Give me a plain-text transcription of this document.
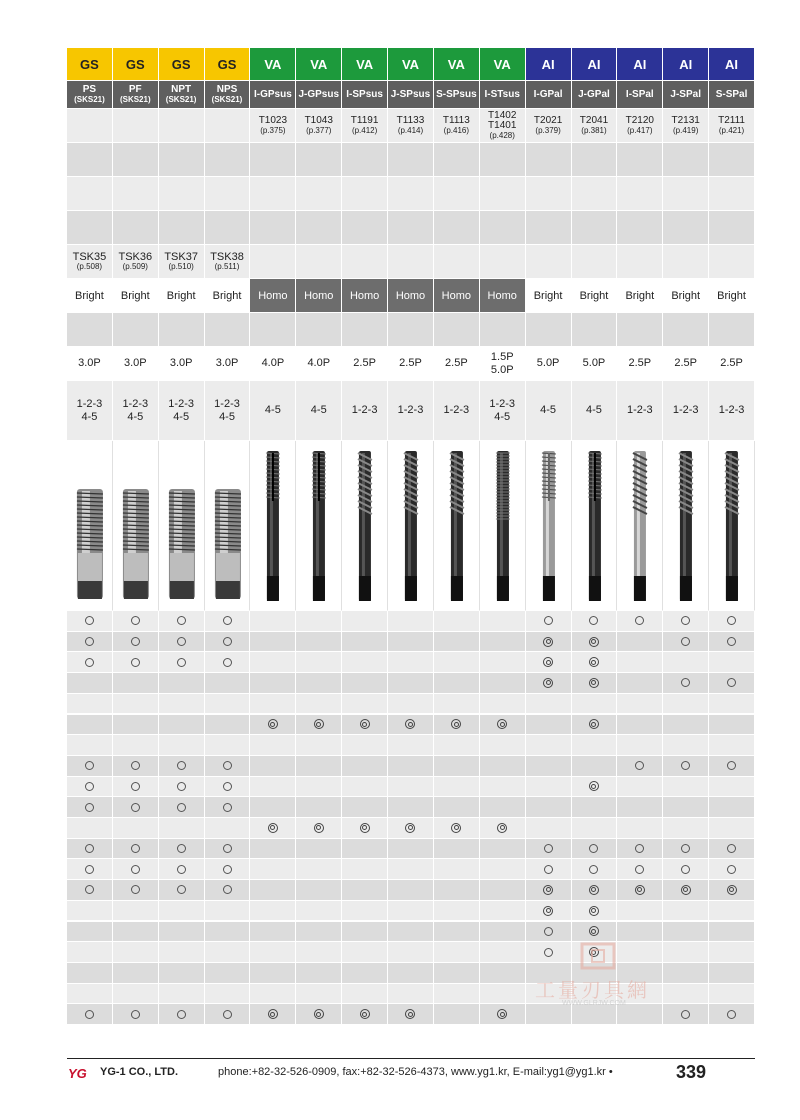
GS
PS
(SKS21)
TSK35
(p.508)
Bright
3.0P
1-2-3
4-5
GS
PF
(SKS21)
TSK36
(p.509)
Bright
3.0P
1-2-3
4-5
GS
NPT
(SKS21)
TSK37
(p.510)
Bright
3.0P
1-2-3
4-5
GS
NPS
(SKS21)
TSK38
(p.511)
Bright
3.0P
1-2-3
4-5
VA
I-GPsus
T1023
(p.375)
Homo
4.0P
4-5
VA
J-GPsus
T1043
(p.377)
Homo
4.0P
4-5
VA
I-SPsus
T1191
(p.412)
Homo
2.5P
1-2-3
VA
J-SPsus
T1133
(p.414)
Homo
2.5P
1-2-3
VA
S-SPsus
T1113
(p.416)
Homo
2.5P
1-2-3
VA
I-STsus
T1402
T1401
(p.428)
Homo
1.5P
5.0P
1-2-3
4-5
AI
I-GPal
T2021
(p.379)
Bright
5.0P
4-5
AI
J-GPal
T2041
(p.381)
Bright
5.0P
4-5
AI
I-SPal
T2120
(p.417)
Bright
2.5P
1-2-3
AI
J-SPal
T2131
(p.419)
Bright
2.5P
1-2-3
AI
S-SPal
T2111
(p.421)
Bright
2.5P
1-2-3
工量刃具網
WWW.GLRJW.COM
YG YG-1 CO., LTD.	phone:+82-32-526-0909, fax:+82-32-526-4373, www.yg1.kr, E-mail:yg1@yg1.kr •	339
